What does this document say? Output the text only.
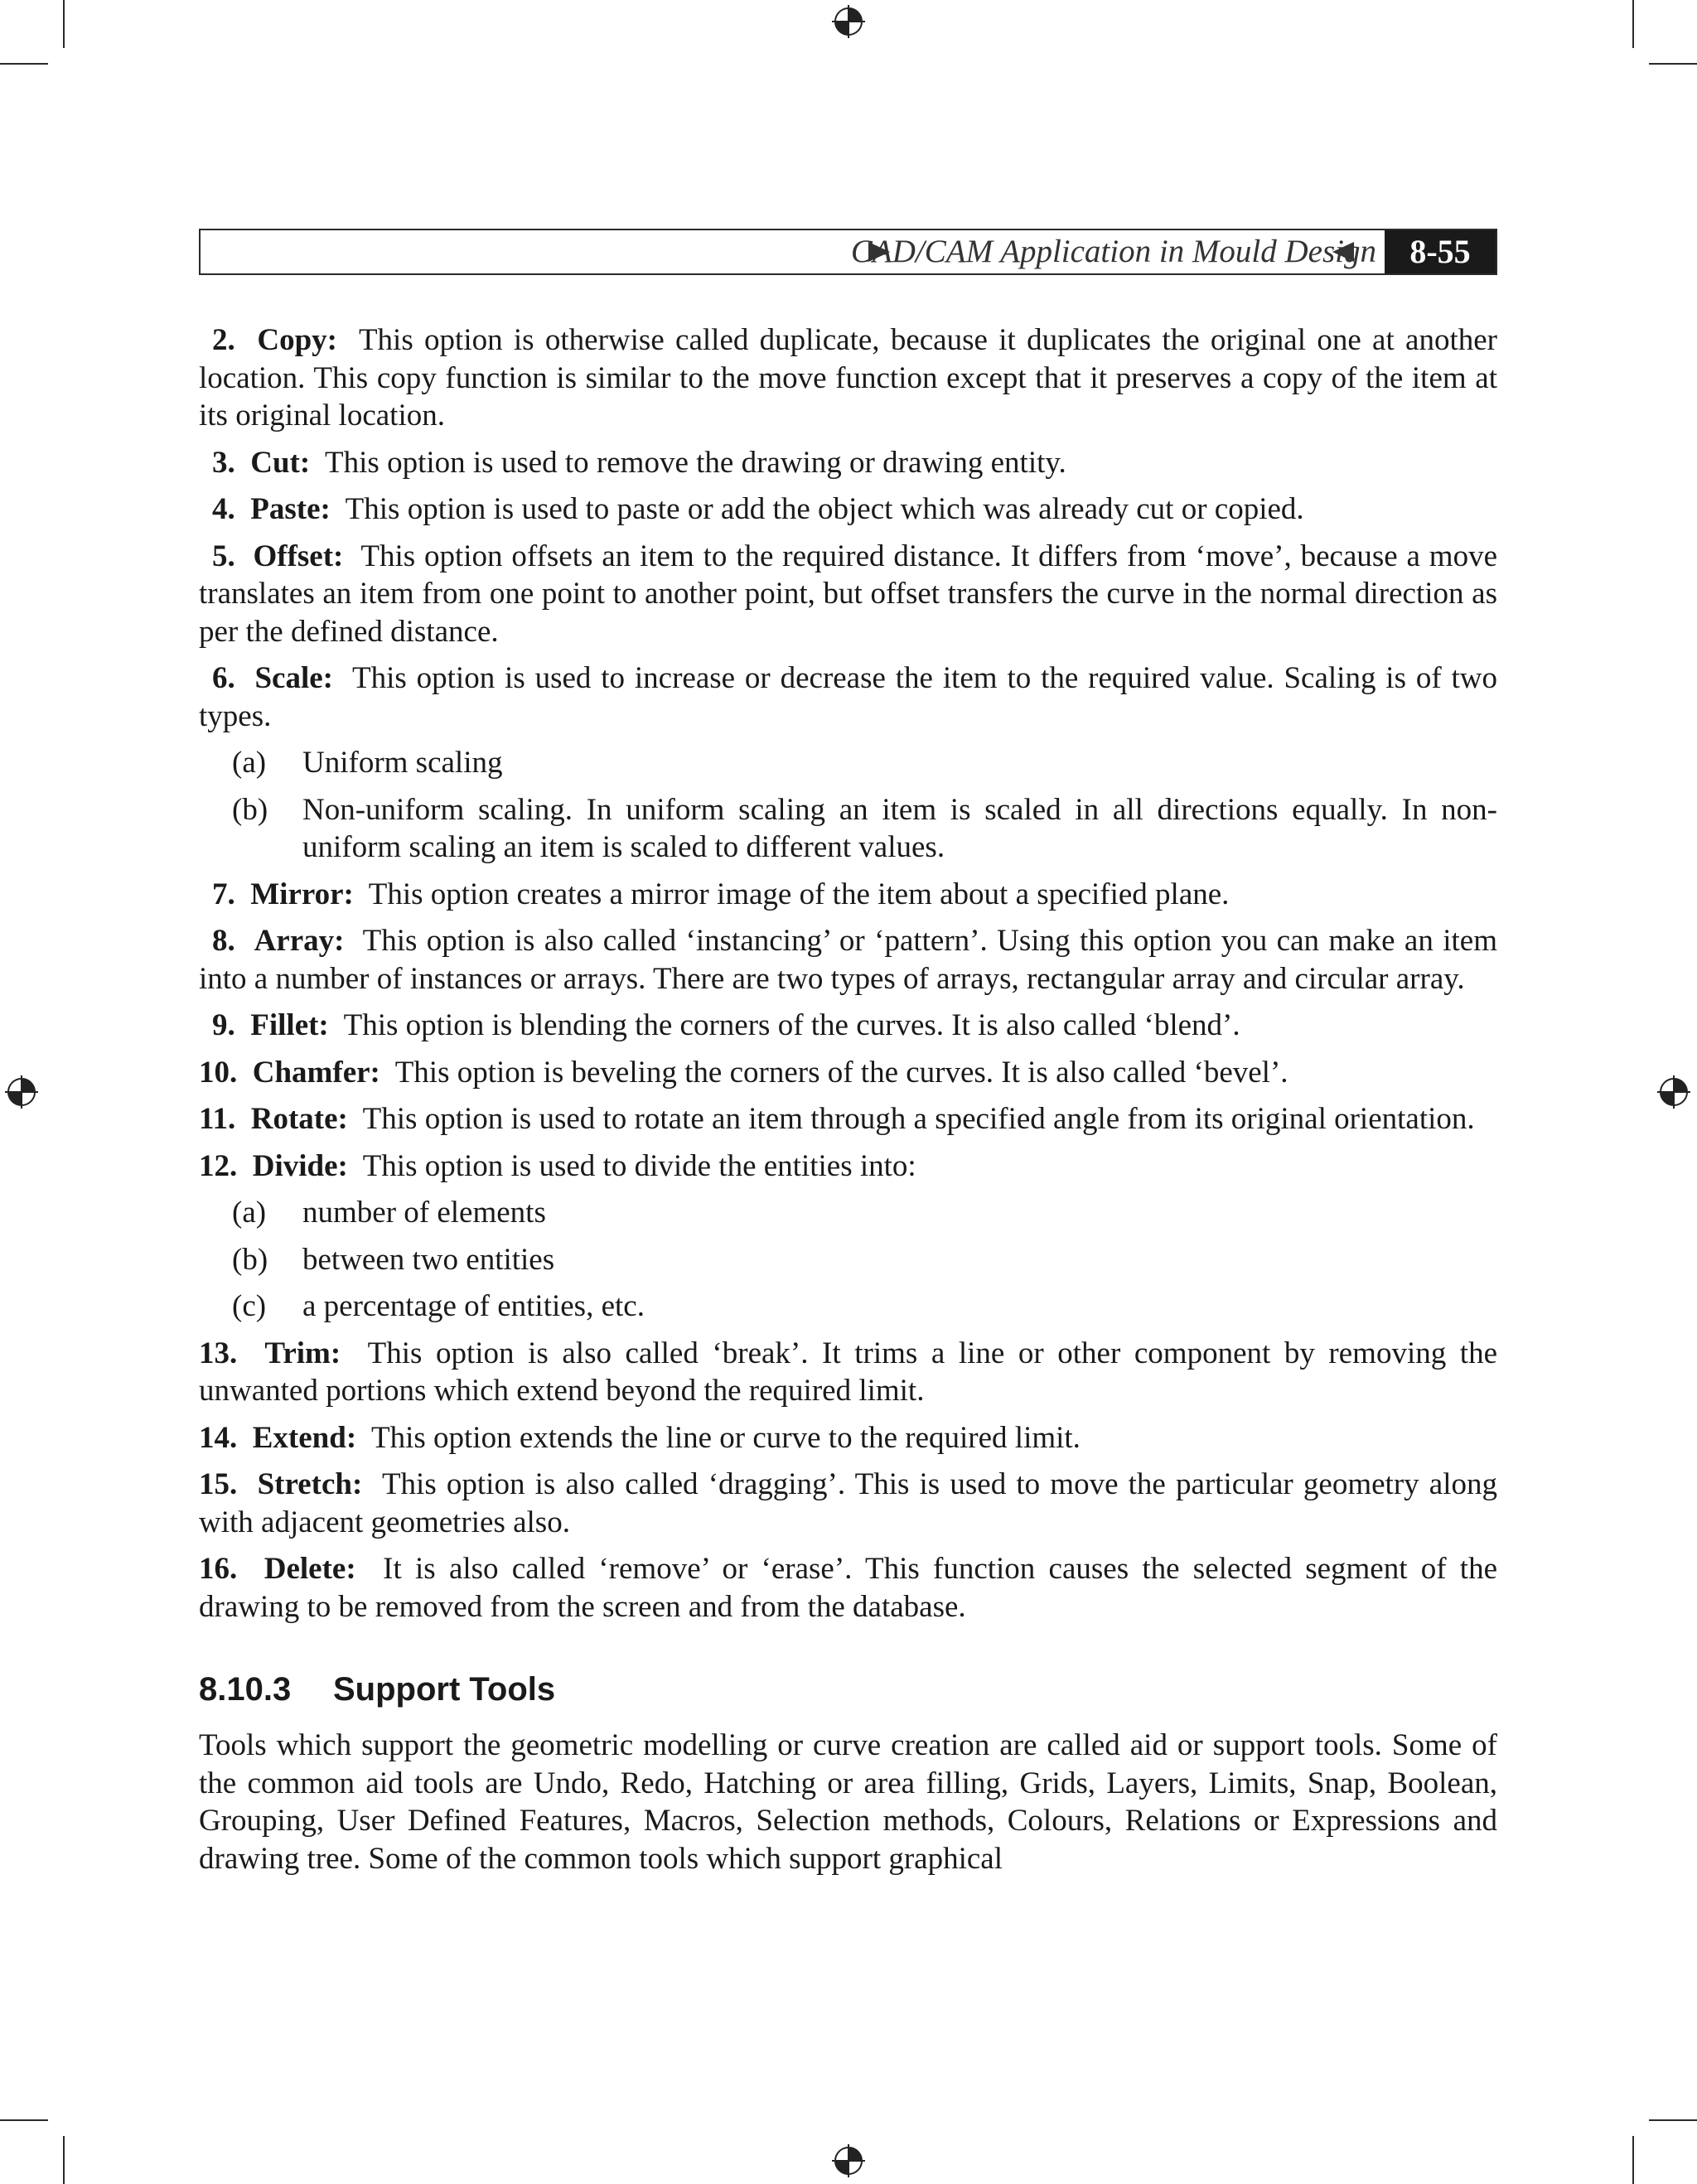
CAD/CAM Application in Mould Design	8-55
2. Copy: This option is otherwise called duplicate, because it duplicates the original one at another location. This copy function is similar to the move function except that it preserves a copy of the item at its original location.
3. Cut: This option is used to remove the drawing or drawing entity.
4. Paste: This option is used to paste or add the object which was already cut or copied.
5. Offset: This option offsets an item to the required distance. It differs from ‘move’, because a move translates an item from one point to another point, but offset transfers the curve in the normal direction as per the defined distance.
6. Scale: This option is used to increase or decrease the item to the required value. Scaling is of two types.
(a) Uniform scaling
(b) Non-uniform scaling. In uniform scaling an item is scaled in all directions equally. In non-uniform scaling an item is scaled to different values.
7. Mirror: This option creates a mirror image of the item about a specified plane.
8. Array: This option is also called ‘instancing’ or ‘pattern’. Using this option you can make an item into a number of instances or arrays. There are two types of arrays, rectangular array and circular array.
9. Fillet: This option is blending the corners of the curves. It is also called ‘blend’.
10. Chamfer: This option is beveling the corners of the curves. It is also called ‘bevel’.
11. Rotate: This option is used to rotate an item through a specified angle from its original orientation.
12. Divide: This option is used to divide the entities into:
(a) number of elements
(b) between two entities
(c) a percentage of entities, etc.
13. Trim: This option is also called ‘break’. It trims a line or other component by removing the unwanted portions which extend beyond the required limit.
14. Extend: This option extends the line or curve to the required limit.
15. Stretch: This option is also called ‘dragging’. This is used to move the particular geometry along with adjacent geometries also.
16. Delete: It is also called ‘remove’ or ‘erase’. This function causes the selected segment of the drawing to be removed from the screen and from the database.
8.10.3 Support Tools
Tools which support the geometric modelling or curve creation are called aid or support tools. Some of the common aid tools are Undo, Redo, Hatching or area filling, Grids, Layers, Limits, Snap, Boolean, Grouping, User Defined Features, Macros, Selection methods, Colours, Relations or Expressions and drawing tree. Some of the common tools which support graphical
